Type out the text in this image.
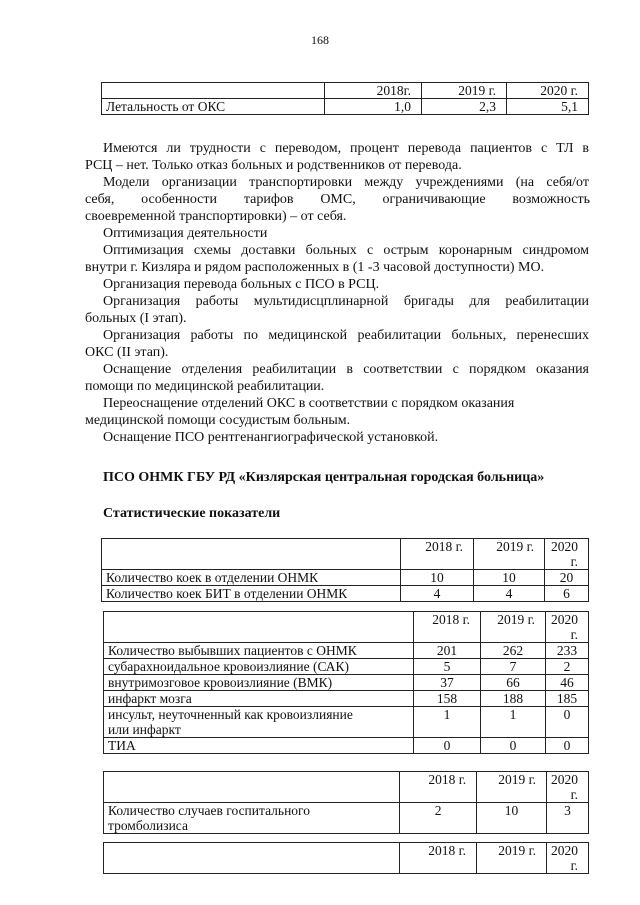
168
	2018г.	2019 г.	2020 г.
Летальность от ОКС	1,0	2,3	5,1
Имеются ли трудности с переводом, процент перевода пациентов с ТЛ в
РСЦ – нет. Только отказ больных и родственников от перевода.
Модели организации транспортировки между учреждениями (на себя/от
себя, особенности тарифов ОМС, ограничивающие возможность
своевременной транспортировки) – от себя.
Оптимизация деятельности
Оптимизация схемы доставки больных с острым коронарным синдромом
внутри г. Кизляра и рядом расположенных в (1 -3 часовой доступности) МО.
Организация перевода больных с ПСО в РСЦ.
Организация работы мультидисцплинарной бригады для реабилитации
больных (I этап).
Организация работы по медицинской реабилитации больных, перенесших
ОКС (II этап).
Оснащение отделения реабилитации в соответствии с порядком оказания
помощи по медицинской реабилитации.
Переоснащение отделений ОКС в соответствии с порядком оказания
медицинской помощи сосудистым больным.
Оснащение ПСО рентгенангиографической установкой.
ПСО ОНМК ГБУ РД «Кизлярская центральная городская больница»
Статистические показатели
	2018 г.	2019 г.	2020 г.
Количество коек в отделении ОНМК	10	10	20
Количество коек БИТ в отделении ОНМК	4	4	6
	2018 г.	2019 г.	2020 г.
Количество выбывших пациентов с ОНМК	201	262	233
субарахноидальное кровоизлияние (САК)	5	7	2
внутримозговое кровоизлияние (ВМК)	37	66	46
инфаркт мозга	158	188	185
инсульт, неуточненный как кровоизлияние	1	1	0
или инфаркт			
ТИА	0	0	0
	2018 г.	2019 г.	2020 г.
Количество случаев госпитального	2	10	3
тромболизиса			
	2018 г.	2019 г.	2020 г.
